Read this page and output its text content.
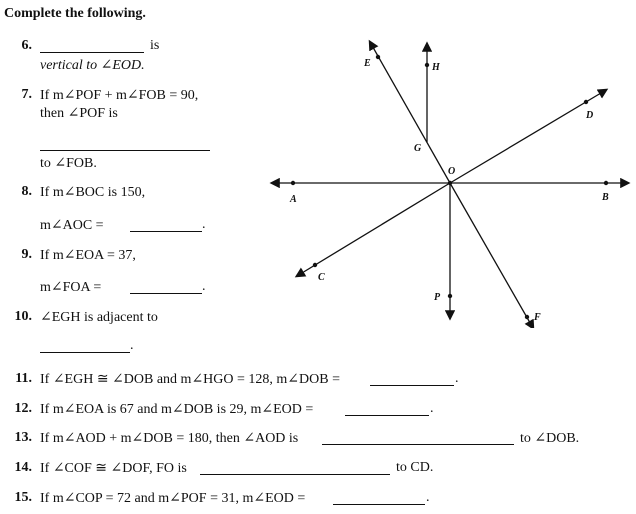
Complete the following.
6.	is
vertical to ∠EOD.
7. If m∠POF + m∠FOB = 90,
then ∠POF is
to ∠FOB.
8. If m∠BOC is 150,
m∠AOC =	.
9. If m∠EOA = 37,
m∠FOA =	.
10. ∠EGH is adjacent to
.
11. If ∠EGH ≅ ∠DOB and m∠HGO = 128, m∠DOB =	.
12. If m∠EOA is 67 and m∠DOB is 29, m∠EOD =	.
13. If m∠AOD + m∠DOB = 180, then ∠AOD is	to ∠DOB.
14. If ∠COF ≅ ∠DOF, FO is	to CD.
15. If m∠COP = 72 and m∠POF = 31, m∠EOD =	.
E	H
D
G
O
A	B
C
P
F
